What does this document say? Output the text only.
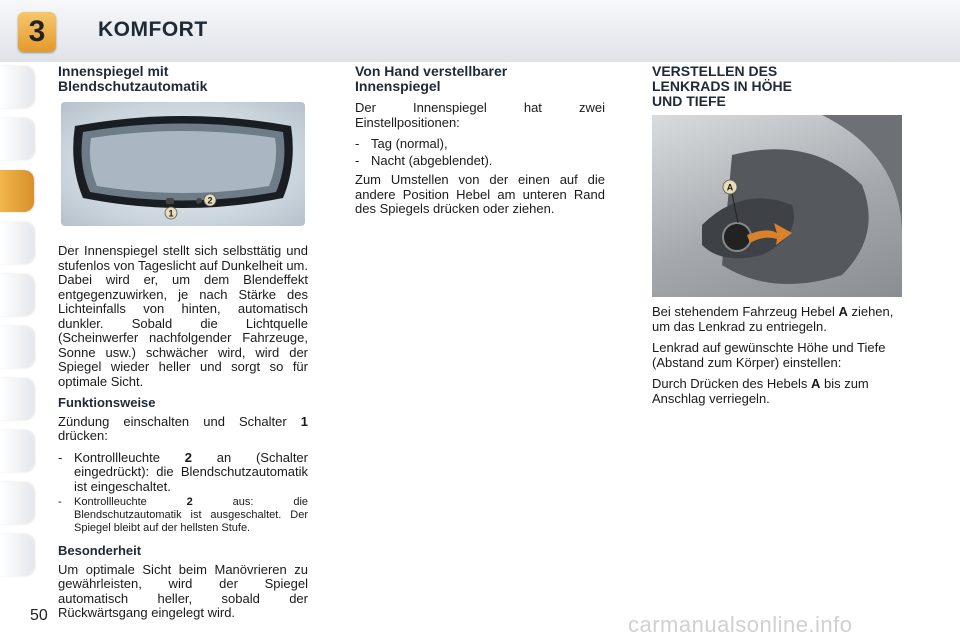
3	KOMFORT
Innenspiegel mit
Blendschutzautomatik
1
2

Der Innenspiegel stellt sich selbsttätig und stufenlos von Tageslicht auf Dunkelheit um. Dabei wird er, um dem Blendeffekt entgegenzuwirken, je nach Stärke des Lichteinfalls von hinten, automatisch dunkler. Sobald die Lichtquelle (Scheinwerfer nachfolgender Fahrzeuge, Sonne usw.) schwächer wird, wird der Spiegel wieder heller und sorgt so für optimale Sicht.

Funktionsweise

Zündung einschalten und Schalter 1 drücken:

- Kontrollleuchte 2 an (Schalter eingedrückt): die Blendschutzautomatik ist eingeschaltet.
- Kontrollleuchte 2 aus: die Blendschutzautomatik ist ausgeschaltet. Der Spiegel bleibt auf der hellsten Stufe.
Besonderheit

Um optimale Sicht beim Manövrieren zu gewährleisten, wird der Spiegel automatisch heller, sobald der Rückwärtsgang eingelegt wird.

Von Hand verstellbarer
Innenspiegel

Der Innenspiegel hat zwei Einstellpositionen:

- Tag (normal),
- Nacht (abgeblendet).

Zum Umstellen von der einen auf die andere Position Hebel am unteren Rand des Spiegels drücken oder ziehen.

VERSTELLEN DES
LENKRADS IN HÖHE
UND TIEFE
A

Bei stehendem Fahrzeug Hebel A ziehen, um das Lenkrad zu entriegeln.

Lenkrad auf gewünschte Höhe und Tiefe (Abstand zum Körper) einstellen:

Durch Drücken des Hebels A bis zum Anschlag verriegeln.

50	carmanualsonline.info
